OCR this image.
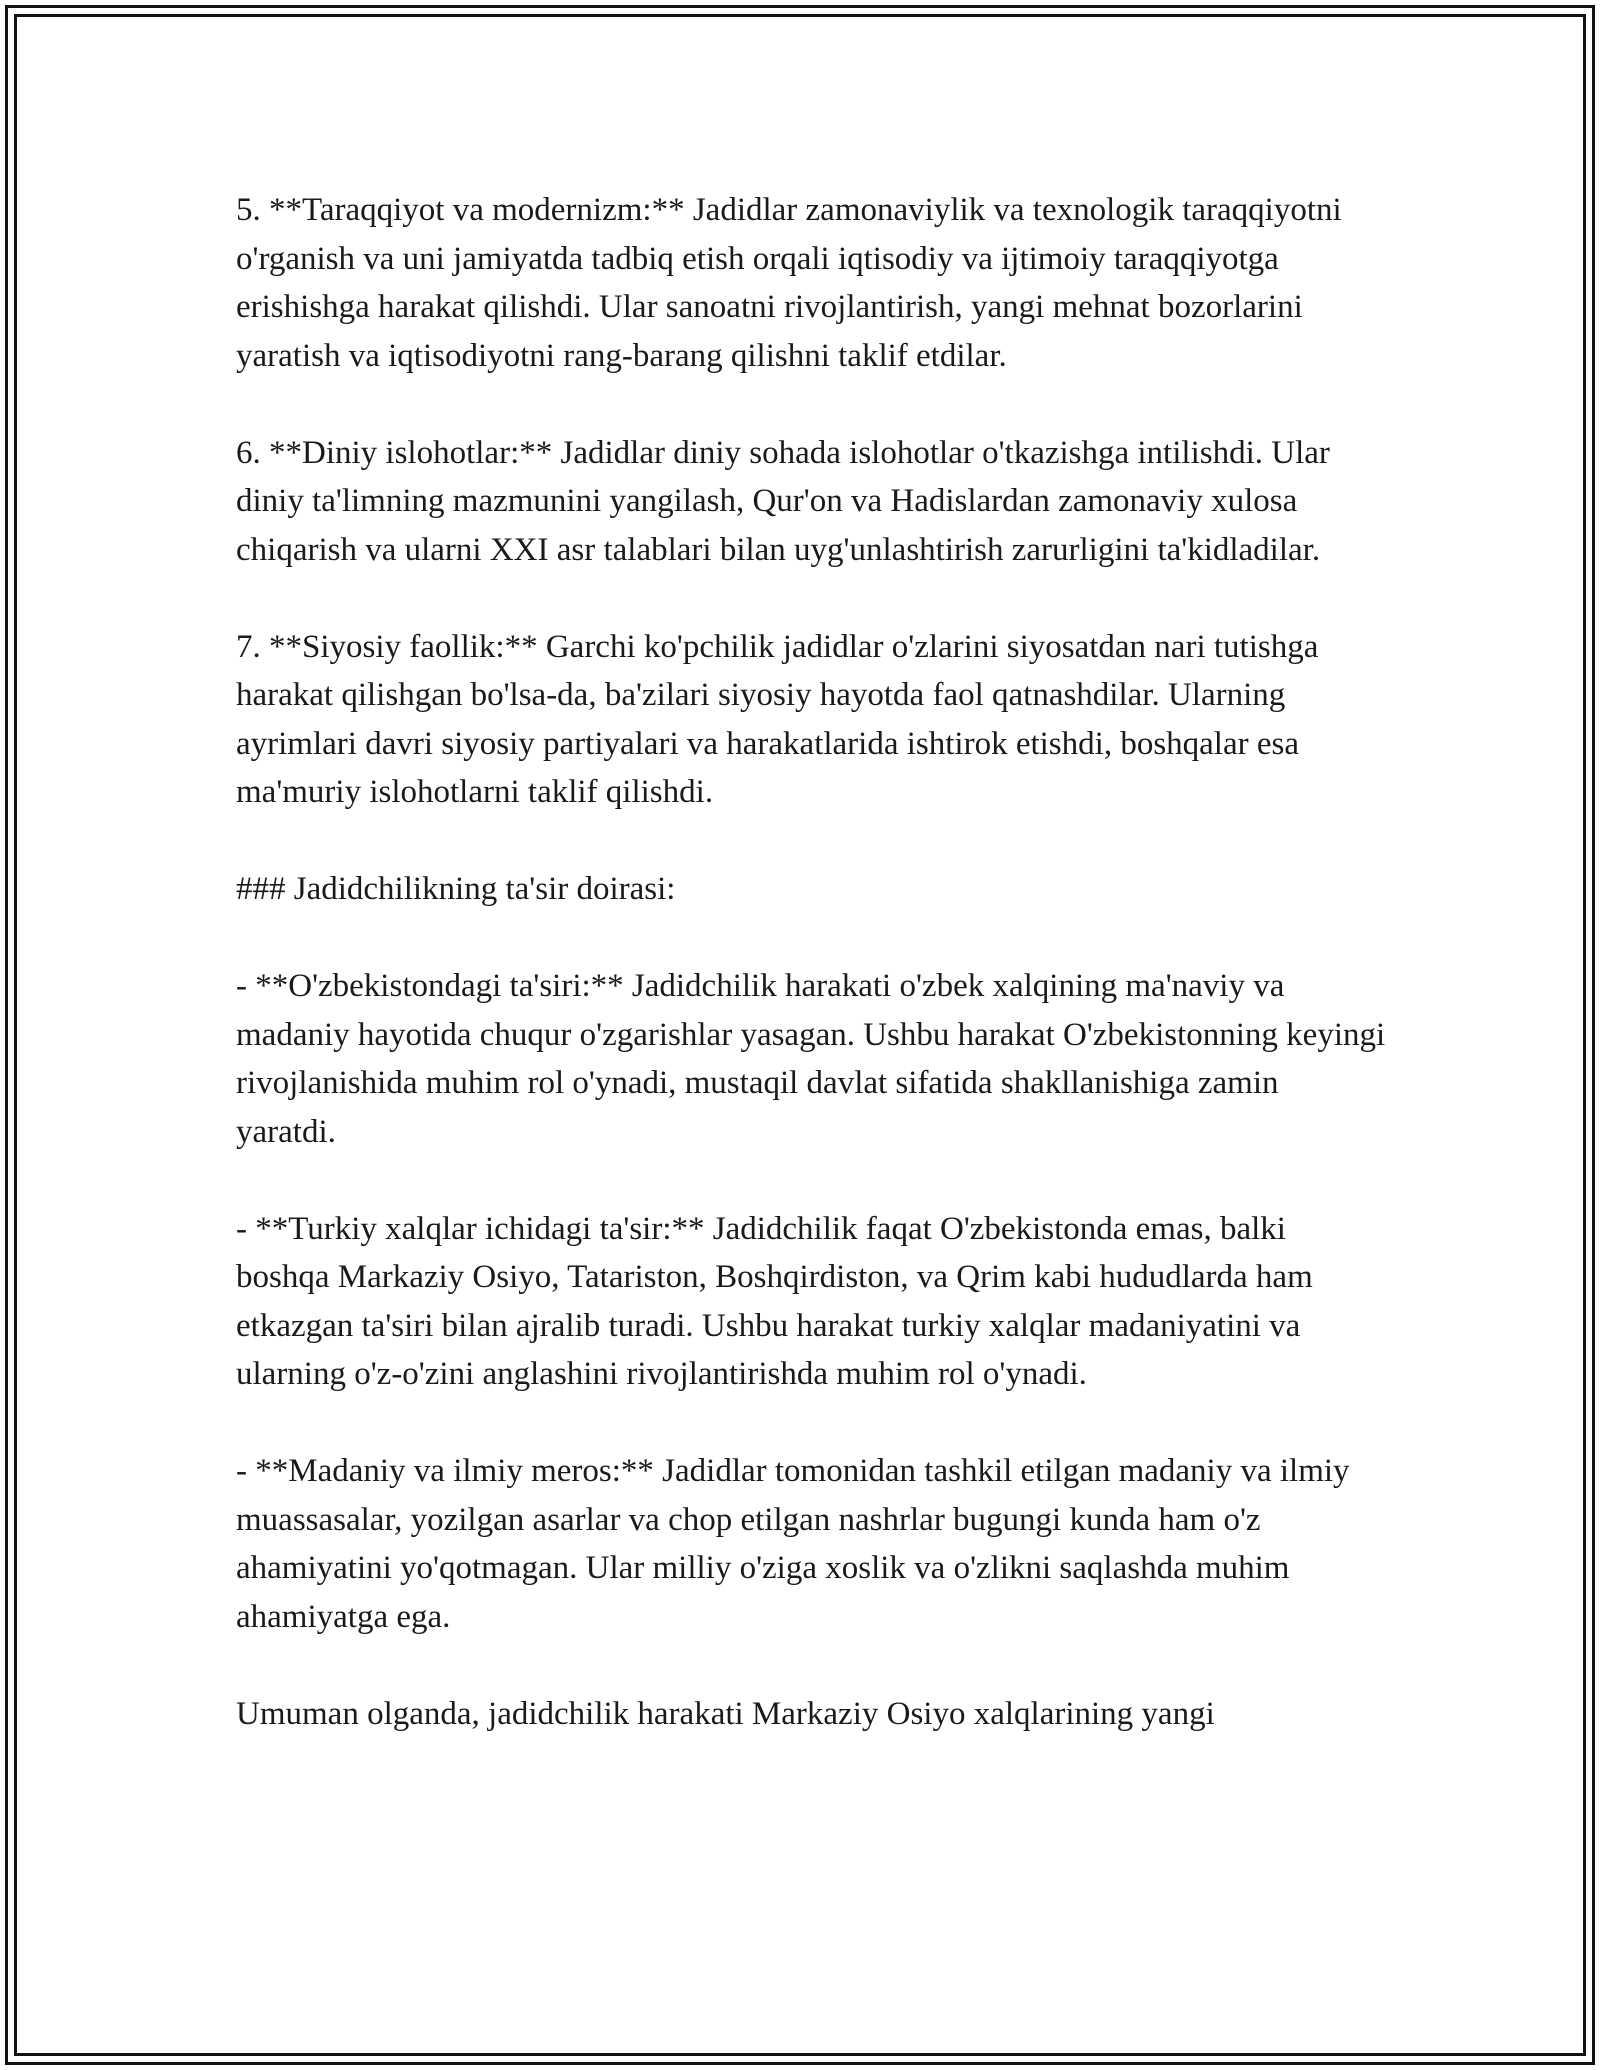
5. **Taraqqiyot va modernizm:** Jadidlar zamonaviylik va texnologik taraqqiyotni o'rganish va uni jamiyatda tadbiq etish orqali iqtisodiy va ijtimoiy taraqqiyotga erishishga harakat qilishdi. Ular sanoatni rivojlantirish, yangi mehnat bozorlarini yaratish va iqtisodiyotni rang-barang qilishni taklif etdilar.

6. **Diniy islohotlar:** Jadidlar diniy sohada islohotlar o'tkazishga intilishdi. Ular diniy ta'limning mazmunini yangilash, Qur'on va Hadislardan zamonaviy xulosa chiqarish va ularni XXI asr talablari bilan uyg'unlashtirish zarurligini ta'kidladilar.

7. **Siyosiy faollik:** Garchi ko'pchilik jadidlar o'zlarini siyosatdan nari tutishga harakat qilishgan bo'lsa-da, ba'zilari siyosiy hayotda faol qatnashdilar. Ularning ayrimlari davri siyosiy partiyalari va harakatlarida ishtirok etishdi, boshqalar esa ma'muriy islohotlarni taklif qilishdi.

### Jadidchilikning ta'sir doirasi:

- **O'zbekistondagi ta'siri:** Jadidchilik harakati o'zbek xalqining ma'naviy va madaniy hayotida chuqur o'zgarishlar yasagan. Ushbu harakat O'zbekistonning keyingi rivojlanishida muhim rol o'ynadi, mustaqil davlat sifatida shakllanishiga zamin yaratdi.

- **Turkiy xalqlar ichidagi ta'sir:** Jadidchilik faqat O'zbekistonda emas, balki boshqa Markaziy Osiyo, Tatariston, Boshqirdiston, va Qrim kabi hududlarda ham etkazgan ta'siri bilan ajralib turadi. Ushbu harakat turkiy xalqlar madaniyatini va ularning o'z-o'zini anglashini rivojlantirishda muhim rol o'ynadi.

- **Madaniy va ilmiy meros:** Jadidlar tomonidan tashkil etilgan madaniy va ilmiy muassasalar, yozilgan asarlar va chop etilgan nashrlar bugungi kunda ham o'z ahamiyatini yo'qotmagan. Ular milliy o'ziga xoslik va o'zlikni saqlashda muhim ahamiyatga ega.

Umuman olganda, jadidchilik harakati Markaziy Osiyo xalqlarining yangi
